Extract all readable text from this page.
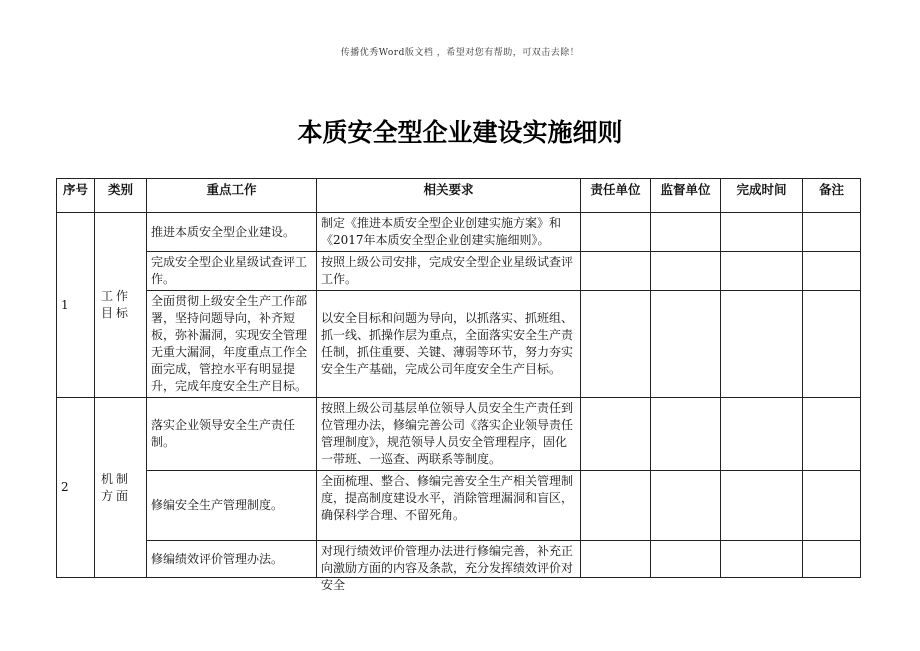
传播优秀Word版文档 ，希望对您有帮助，可双击去除！
本质安全型企业建设实施细则
序号	类别	重点工作	相关要求	责任单位	监督单位	完成时间	备注
1	工作目标	推进本质安全型企业建设。	制定《推进本质安全型企业创建实施方案》和《2017年本质安全型企业创建实施细则》。				
		完成安全型企业星级试查评工作。	按照上级公司安排，完成安全型企业星级试查评工作。				
		全面贯彻上级安全生产工作部署，坚持问题导向，补齐短板，弥补漏洞，实现安全管理无重大漏洞，年度重点工作全面完成，管控水平有明显提升，完成年度安全生产目标。	以安全目标和问题为导向，以抓落实、抓班组、抓一线、抓操作层为重点，全面落实安全生产责任制，抓住重要、关键、薄弱等环节，努力夯实安全生产基础，完成公司年度安全生产目标。				
2	机制方面	落实企业领导安全生产责任制。	按照上级公司基层单位领导人员安全生产责任到位管理办法，修编完善公司《落实企业领导责任管理制度》，规范领导人员安全管理程序，固化一带班、一巡查、两联系等制度。				
		修编安全生产管理制度。	全面梳理、整合、修编完善安全生产相关管理制度，提高制度建设水平，消除管理漏洞和盲区，确保科学合理、不留死角。				
		修编绩效评价管理办法。	对现行绩效评价管理办法进行修编完善，补充正向激励方面的内容及条款，充分发挥绩效评价对安全				
